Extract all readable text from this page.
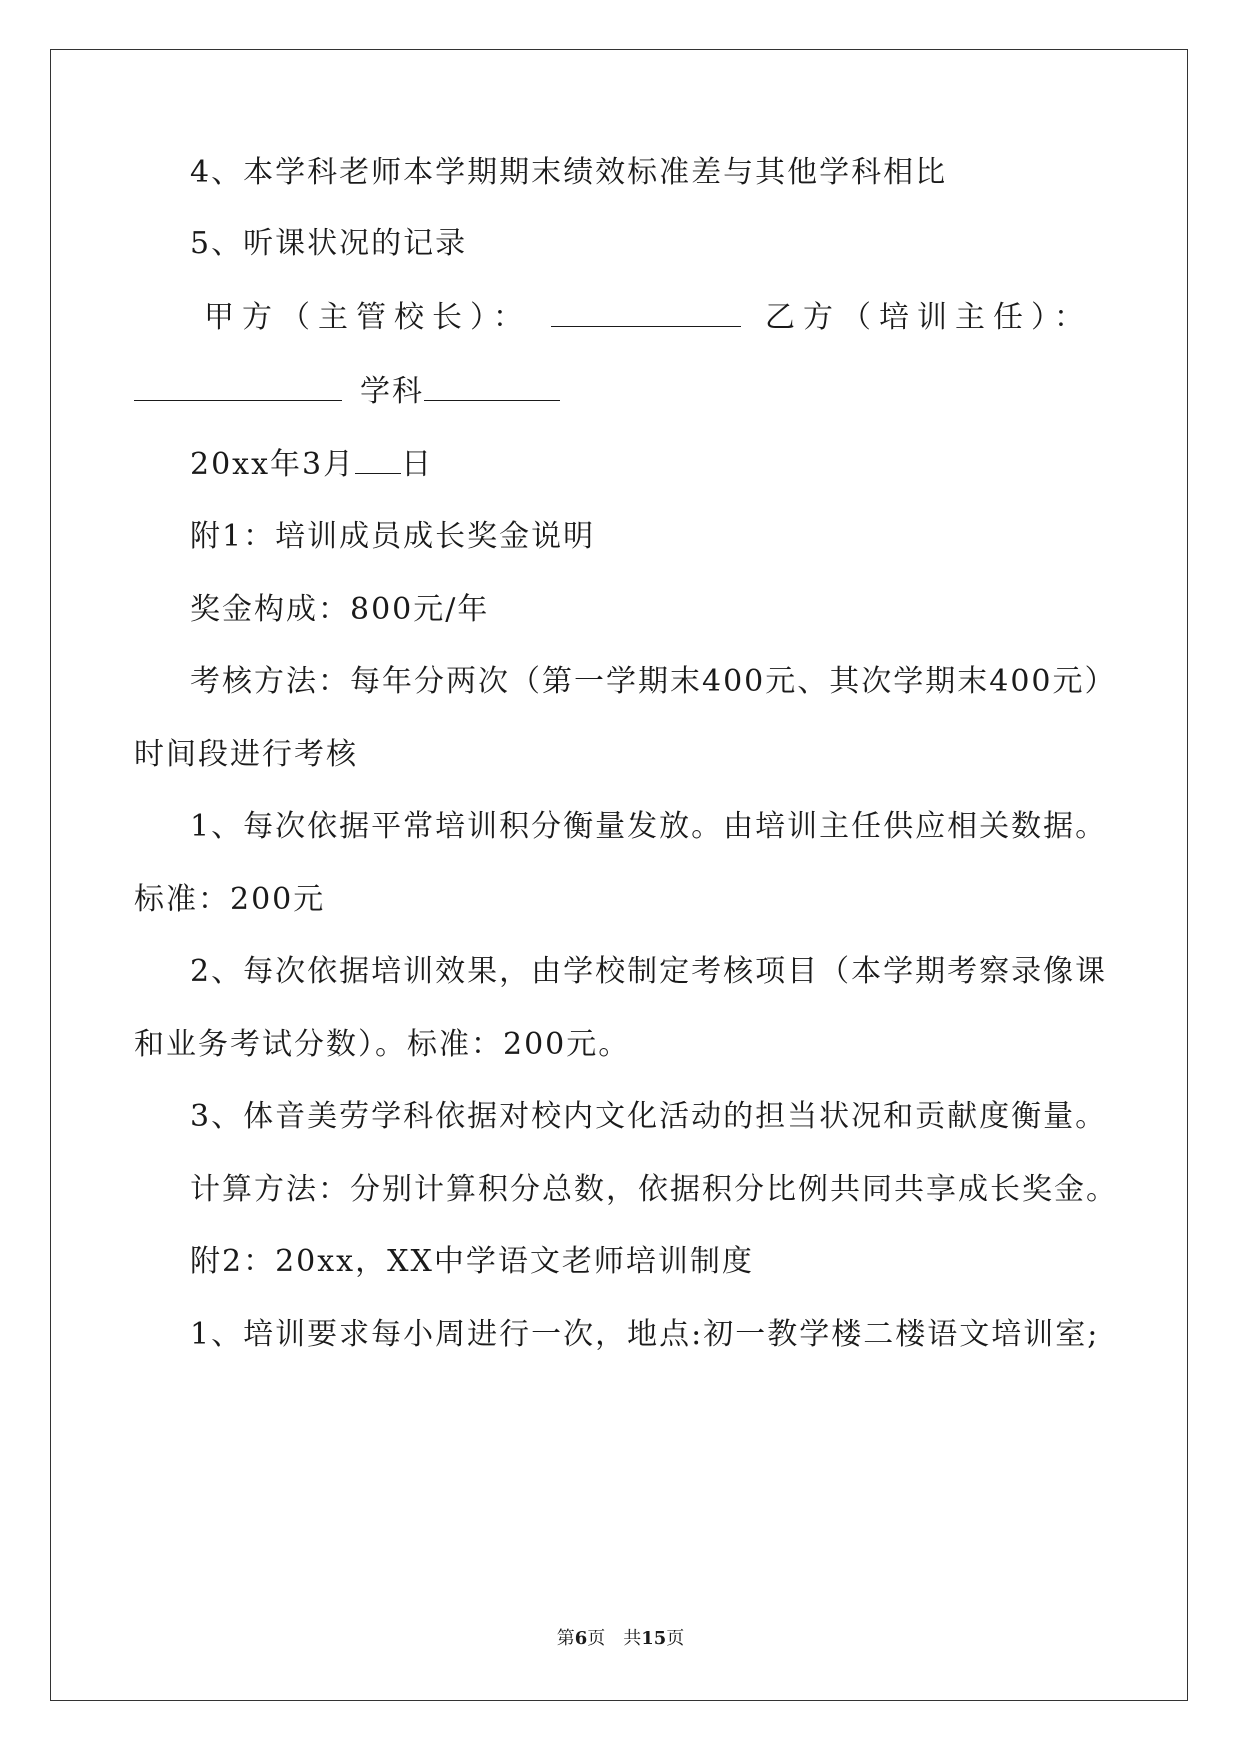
4、本学科老师本学期期末绩效标准差与其他学科相比
5、听课状况的记录
甲方（主管校长）：	乙方（培训主任）：
学科
20xx年3月 日
附1：培训成员成长奖金说明
奖金构成：800元/年
考核方法：每年分两次（第一学期末400元、其次学期末400元）
时间段进行考核
1、每次依据平常培训积分衡量发放。由培训主任供应相关数据。
标准：200元
2、每次依据培训效果，由学校制定考核项目（本学期考察录像课
和业务考试分数）。标准：200元。
3、体音美劳学科依据对校内文化活动的担当状况和贡献度衡量。
计算方法：分别计算积分总数，依据积分比例共同共享成长奖金。
附2：20xx，XX中学语文老师培训制度
1、培训要求每小周进行一次，地点:初一教学楼二楼语文培训室;
第6页　共15页
